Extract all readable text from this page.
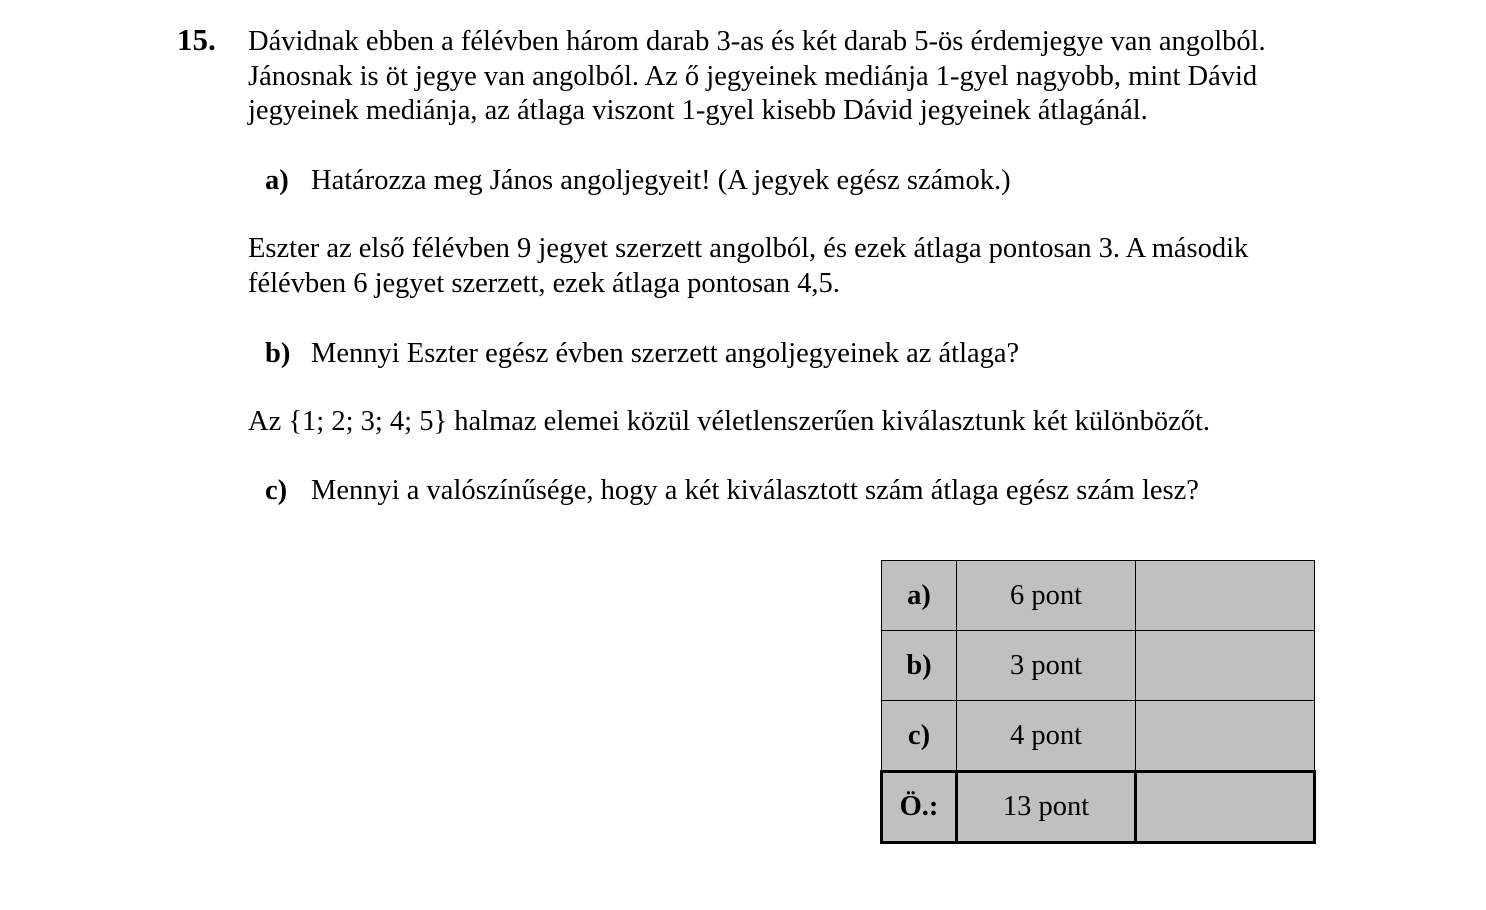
15. Dávidnak ebben a félévben három darab 3-as és két darab 5-ös érdemjegye van angolból.
Jánosnak is öt jegye van angolból. Az ő jegyeinek mediánja 1-gyel nagyobb, mint Dávid
jegyeinek mediánja, az átlaga viszont 1-gyel kisebb Dávid jegyeinek átlagánál.
a) Határozza meg János angoljegyeit! (A jegyek egész számok.)
Eszter az első félévben 9 jegyet szerzett angolból, és ezek átlaga pontosan 3. A második
félévben 6 jegyet szerzett, ezek átlaga pontosan 4,5.
b) Mennyi Eszter egész évben szerzett angoljegyeinek az átlaga?
Az {1; 2; 3; 4; 5} halmaz elemei közül véletlenszerűen kiválasztunk két különbözőt.
c) Mennyi a valószínűsége, hogy a két kiválasztott szám átlaga egész szám lesz?
a)	6 pont	
b)	3 pont	
c)	4 pont	
Ö.:	13 pont	
